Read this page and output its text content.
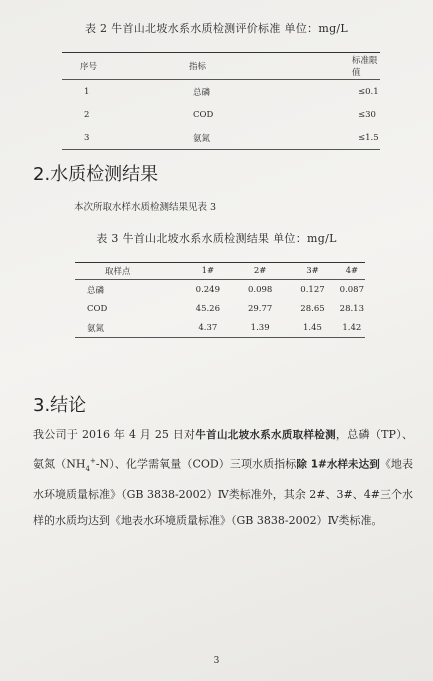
表 2 牛首山北坡水系水质检测评价标准 单位：mg/L
序号	指标	标准限值
1	总磷	≤0.1
2	COD	≤30
3	氨氮	≤1.5
2.水质检测结果
本次所取水样水质检测结果见表 3
表 3 牛首山北坡水系水质检测结果 单位：mg/L
取样点	1#	2#	3#	4#
总磷	0.249	0.098	0.127	0.087
COD	45.26	29.77	28.65	28.13
氨氮	4.37	1.39	1.45	1.42
3.结论

我公司于 2016 年 4 月 25 日对牛首山北坡水系水质取样检测，总磷（TP）、氨氮$(NH_4^+-N)$、化学需氧量（COD）三项水质指标除 1#水样未达到《地表水环境质量标准》（GB 3838-2002）Ⅳ类标准外，其余 2#、3#、4#三个水样的水质均达到《地表水环境质量标准》（GB 3838-2002）Ⅳ类标准。

3
